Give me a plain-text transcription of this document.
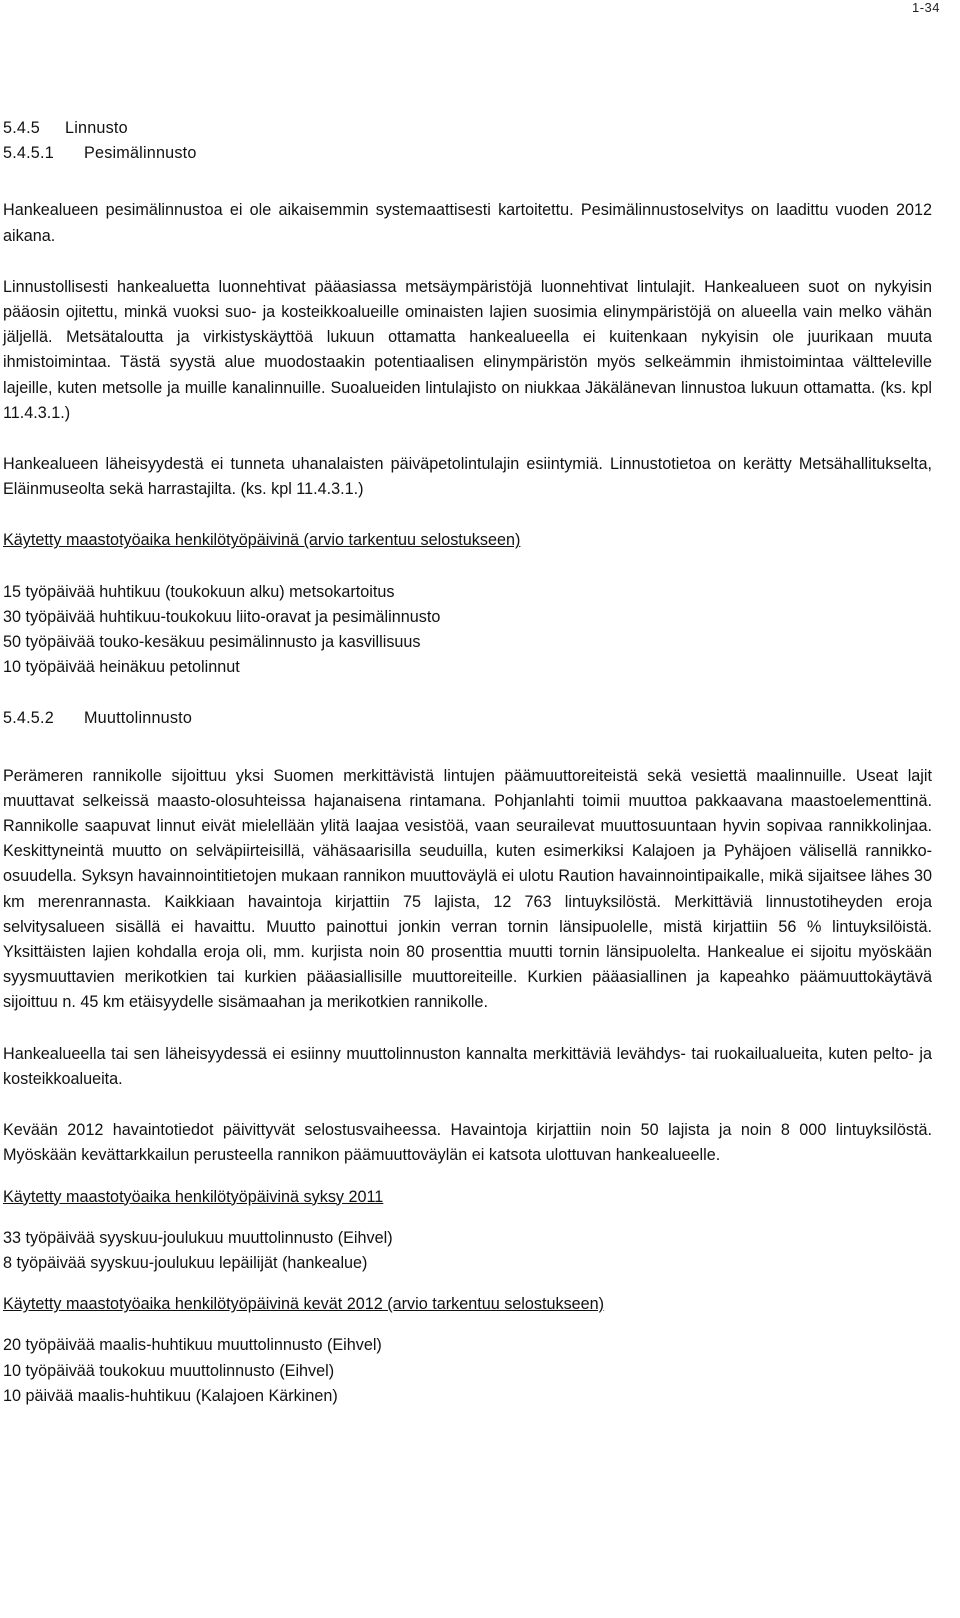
1-34

5.4.5 Linnusto

5.4.5.1 Pesimälinnusto

Hankealueen pesimälinnustoa ei ole aikaisemmin systemaattisesti kartoitettu. Pesimälinnustoselvitys on laadittu vuoden 2012 aikana.

Linnustollisesti hankealuetta luonnehtivat pääasiassa metsäympäristöjä luonnehtivat lintulajit. Hankealueen suot on nykyisin pääosin ojitettu, minkä vuoksi suo- ja kosteikkoalueille ominaisten lajien suosimia elinympäristöjä on alueella vain melko vähän jäljellä. Metsätaloutta ja virkistyskäyttöä lukuun ottamatta hankealueella ei kuitenkaan nykyisin ole juurikaan muuta ihmistoimintaa. Tästä syystä alue muodostaakin potentiaalisen elinympäristön myös selkeämmin ihmistoimintaa vältteleville lajeille, kuten metsolle ja muille kanalinnuille. Suoalueiden lintulajisto on niukkaa Jäkälänevan linnustoa lukuun ottamatta. (ks. kpl 11.4.3.1.)

Hankealueen läheisyydestä ei tunneta uhanalaisten päiväpetolintulajin esiintymiä. Linnustotietoa on kerätty Metsähallitukselta, Eläinmuseolta sekä harrastajilta. (ks. kpl 11.4.3.1.)

Käytetty maastotyöaika henkilötyöpäivinä (arvio tarkentuu selostukseen)

15 työpäivää huhtikuu (toukokuun alku) metsokartoitus

30 työpäivää huhtikuu-toukokuu liito-oravat ja pesimälinnusto

50 työpäivää touko-kesäkuu pesimälinnusto ja kasvillisuus

10 työpäivää heinäkuu petolinnut

5.4.5.2 Muuttolinnusto

Perämeren rannikolle sijoittuu yksi Suomen merkittävistä lintujen päämuuttoreiteistä sekä vesiettä maalinnuille. Useat lajit muuttavat selkeissä maasto-olosuhteissa hajanaisena rintamana. Pohjanlahti toimii muuttoa pakkaavana maastoelementtinä. Rannikolle saapuvat linnut eivät mielellään ylitä laajaa vesistöä, vaan seurailevat muuttosuuntaan hyvin sopivaa rannikkolinjaa. Keskittyneintä muutto on selväpiirteisillä, vähäsaarisilla seuduilla, kuten esimerkiksi Kalajoen ja Pyhäjoen välisellä rannikko-osuudella. Syksyn havainnointitietojen mukaan rannikon muuttoväylä ei ulotu Raution havainnointipaikalle, mikä sijaitsee lähes 30 km merenrannasta. Kaikkiaan havaintoja kirjattiin 75 lajista, 12 763 lintuyksilöstä. Merkittäviä linnustotiheyden eroja selvitysalueen sisällä ei havaittu. Muutto painottui jonkin verran tornin länsipuolelle, mistä kirjattiin 56 % lintuyksilöistä. Yksittäisten lajien kohdalla eroja oli, mm. kurjista noin 80 prosenttia muutti tornin länsipuolelta. Hankealue ei sijoitu myöskään syysmuuttavien merikotkien tai kurkien pääasiallisille muuttoreiteille. Kurkien pääasiallinen ja kapeahko päämuuttokäytävä sijoittuu n. 45 km etäisyydelle sisämaahan ja merikotkien rannikolle.

Hankealueella tai sen läheisyydessä ei esiinny muuttolinnuston kannalta merkittäviä levähdys- tai ruokailualueita, kuten pelto- ja kosteikkoalueita.

Kevään 2012 havaintotiedot päivittyvät selostusvaiheessa. Havaintoja kirjattiin noin 50 lajista ja noin 8 000 lintuyksilöstä. Myöskään kevättarkkailun perusteella rannikon päämuuttoväylän ei katsota ulottuvan hankealueelle.

Käytetty maastotyöaika henkilötyöpäivinä syksy 2011

33 työpäivää syyskuu-joulukuu muuttolinnusto (Eihvel)

8 työpäivää syyskuu-joulukuu lepäilijät (hankealue)

Käytetty maastotyöaika henkilötyöpäivinä kevät 2012 (arvio tarkentuu selostukseen)

20 työpäivää maalis-huhtikuu muuttolinnusto (Eihvel)

10 työpäivää toukokuu muuttolinnusto (Eihvel)

10 päivää maalis-huhtikuu (Kalajoen Kärkinen)
